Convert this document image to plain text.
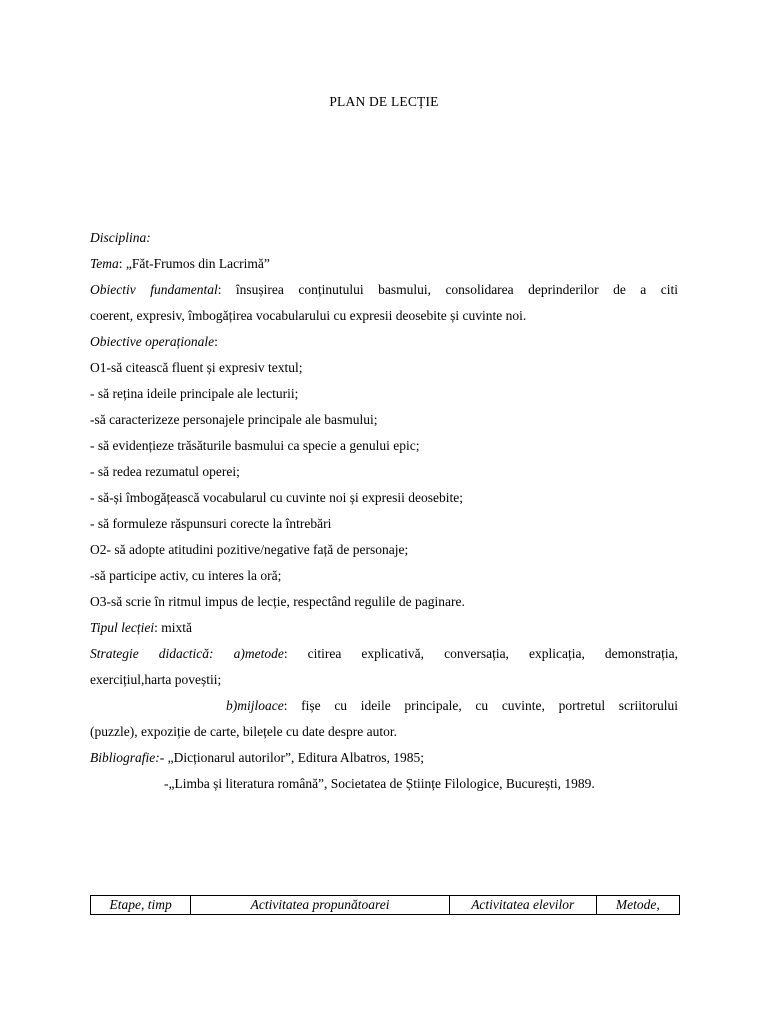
PLAN DE LECȚIE
Disciplina:
Tema: „Făt-Frumos din Lacrimă”
Obiectiv fundamental: însușirea conținutului basmului, consolidarea deprinderilor de a citi
coerent, expresiv, îmbogățirea vocabularului cu expresii deosebite și cuvinte noi.
Obiective operaționale:
O1-să citească fluent și expresiv textul;
- să rețina ideile principale ale lecturii;
-să caracterizeze personajele principale ale basmului;
- să evidențieze trăsăturile basmului ca specie a genului epic;
- să redea rezumatul operei;
- să-și îmbogățească vocabularul cu cuvinte noi și expresii deosebite;
- să formuleze răspunsuri corecte la întrebări
O2- să adopte atitudini pozitive/negative față de personaje;
-să participe activ, cu interes la oră;
O3-să scrie în ritmul impus de lecție, respectând regulile de paginare.
Tipul lecției: mixtă
Strategie didactică: a)metode: citirea explicativă, conversația, explicația, demonstrația,
exercițiul,harta poveștii;
b)mijloace: fișe cu ideile principale, cu cuvinte, portretul scriitorului
(puzzle), expoziție de carte, bilețele cu date despre autor.
Bibliografie:- „Dicționarul autorilor”, Editura Albatros, 1985;
-„Limba și literatura română”, Societatea de Științe Filologice, București, 1989.
Etape, timp	Activitatea propunătoarei	Activitatea elevilor	Metode,
